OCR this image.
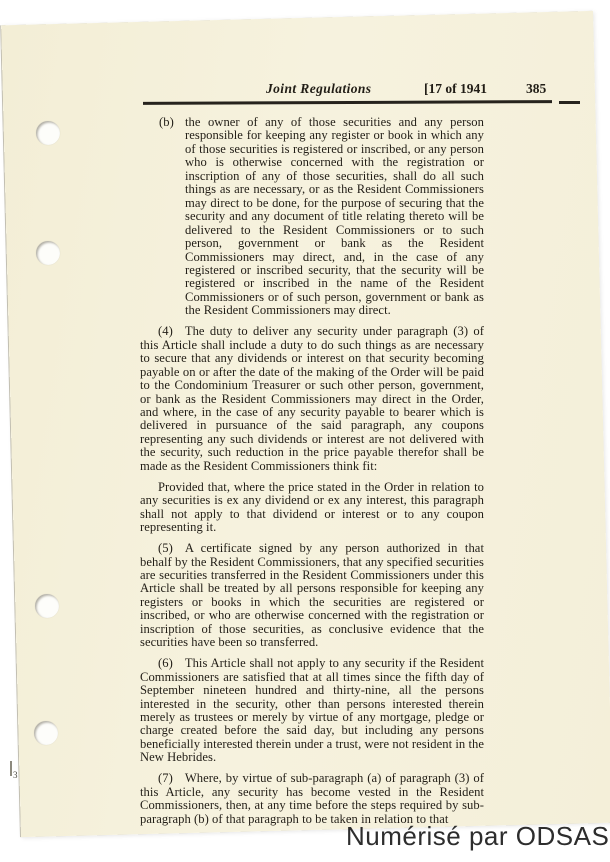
Joint Regulations	[17 of 1941	385

(b) the owner of any of those securities and any person responsible for keeping any register or book in which any of those securities is registered or inscribed, or any person who is otherwise concerned with the registration or inscription of any of those securities, shall do all such things as are necessary, or as the Resident Commissioners may direct to be done, for the purpose of securing that the security and any document of title relating thereto will be delivered to the Resident Commissioners or to such person, government or bank as the Resident Commissioners may direct, and, in the case of any registered or inscribed security, that the security will be registered or inscribed in the name of the Resident Commissioners or of such person, government or bank as the Resident Commissioners may direct.

(4) The duty to deliver any security under paragraph (3) of this Article shall include a duty to do such things as are necessary to secure that any dividends or interest on that security becoming payable on or after the date of the making of the Order will be paid to the Condominium Treasurer or such other person, government, or bank as the Resident Commissioners may direct in the Order, and where, in the case of any security payable to bearer which is delivered in pursuance of the said paragraph, any coupons representing any such dividends or interest are not delivered with the security, such reduction in the price payable therefor shall be made as the Resident Commissioners think fit:

Provided that, where the price stated in the Order in relation to any securities is ex any dividend or ex any interest, this paragraph shall not apply to that dividend or interest or to any coupon representing it.

(5) A certificate signed by any person authorized in that behalf by the Resident Commissioners, that any specified securities are securities transferred in the Resident Commissioners under this Article shall be treated by all persons responsible for keeping any registers or books in which the securities are registered or inscribed, or who are otherwise concerned with the registration or inscription of those securities, as conclusive evidence that the securities have been so transferred.

(6) This Article shall not apply to any security if the Resident Commissioners are satisfied that at all times since the fifth day of September nineteen hundred and thirty-nine, all the persons interested in the security, other than persons interested therein merely as trustees or merely by virtue of any mortgage, pledge or charge created before the said day, but including any persons beneficially interested therein under a trust, were not resident in the New Hebrides.

(7) Where, by virtue of sub-paragraph (a) of paragraph (3) of this Article, any security has become vested in the Resident Commissioners, then, at any time before the steps required by sub-paragraph (b) of that paragraph to be taken in relation to that

3
Numérisé par ODSAS
